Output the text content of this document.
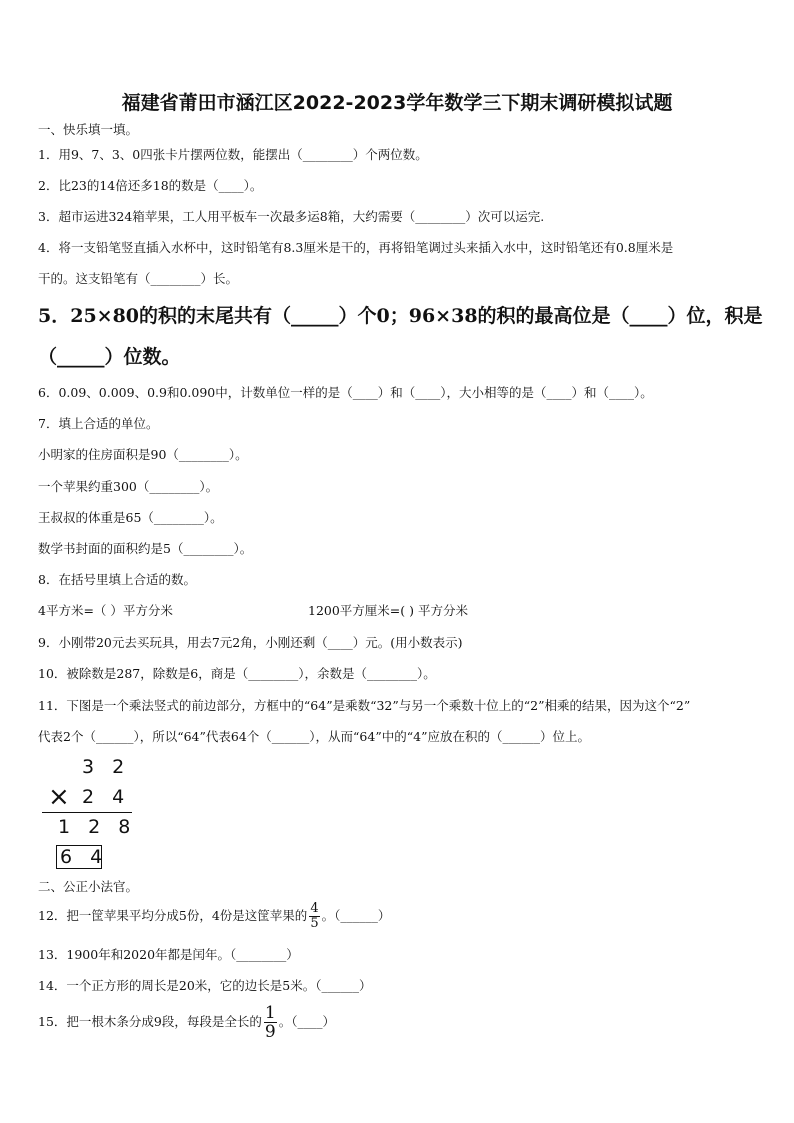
福建省莆田市涵江区2022-2023学年数学三下期末调研模拟试题
一、快乐填一填。
1．用9、7、3、0四张卡片摆两位数，能摆出（________）个两位数。
2．比23的14倍还多18的数是（____）。
3．超市运进324箱苹果，工人用平板车一次最多运8箱，大约需要（________）次可以运完.
4．将一支铅笔竖直插入水杯中，这时铅笔有8.3厘米是干的，再将铅笔调过头来插入水中，这时铅笔还有0.8厘米是
干的。这支铅笔有（________）长。
5．25×80的积的末尾共有（_____）个0；96×38的积的最高位是（____）位，积是
（_____）位数。
6．0.09、0.009、0.9和0.090中，计数单位一样的是（____）和（____），大小相等的是（____）和（____）。
7．填上合适的单位。
小明家的住房面积是90（________）。
一个苹果约重300（________）。
王叔叔的体重是65（________）。
数学书封面的面积约是5（________）。
8．在括号里填上合适的数。
4平方米=（ ）平方分米	1200平方厘米=( ) 平方分米
9．小刚带20元去买玩具，用去7元2角，小刚还剩（____）元。(用小数表示)
10．被除数是287，除数是6，商是（________），余数是（________）。
11．下图是一个乘法竖式的前边部分，方框中的“64”是乘数“32”与另一个乘数十位上的“2”相乘的结果，因为这个“2”
代表2个（______），所以“64”代表64个（______），从而“64”中的“4”应放在积的（______）位上。
3 2
× 2 4
1 2 8
6 4
二、公正小法官。
12．把一筐苹果平均分成5份，4份是这筐苹果的 $\frac{4}{5}$ 。（______）
13．1900年和2020年都是闰年。（________）
14．一个正方形的周长是20米，它的边长是5米。（______）
15．把一根木条分成9段，每段是全长的 $\frac{1}{9}$ 。（____）
